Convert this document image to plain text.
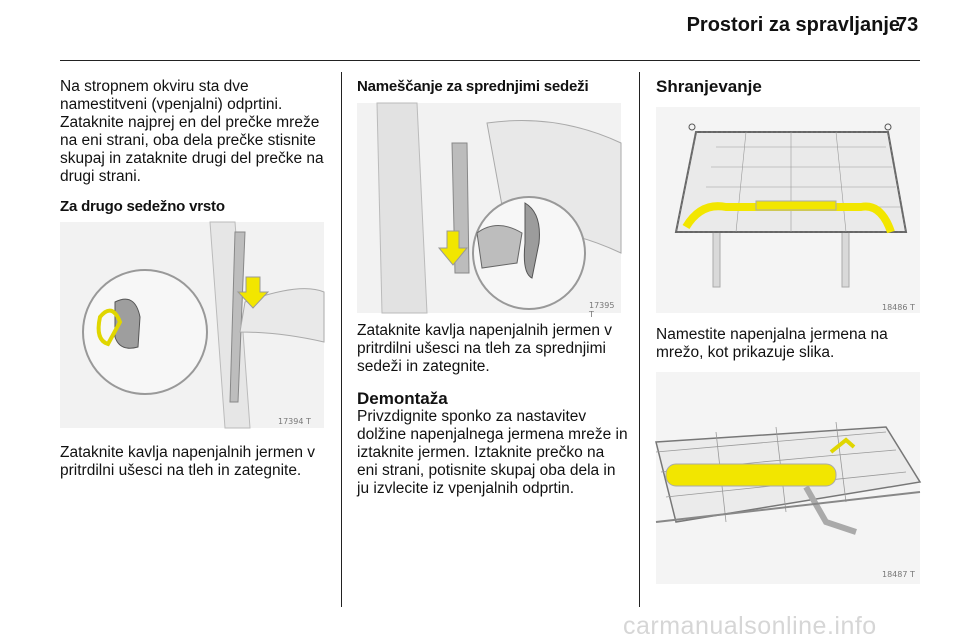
Prostori za spravljanje
73

Na stropnem okviru sta dve namestitveni (vpenjalni) odprtini. Zataknite najprej en del prečke mreže na eni strani, oba dela prečke stisnite skupaj in zataknite drugi del prečke na drugi strani.

Za drugo sedežno vrsto

17394 T

Zataknite kavlja napenjalnih jermen v pritrdilni ušesci na tleh in zategnite.

Nameščanje za sprednjimi sedeži

17395 T

Zataknite kavlja napenjalnih jermen v pritrdilni ušesci na tleh za sprednjimi sedeži in zategnite.

Demontaža

Privzdignite sponko za nastavitev dolžine napenjalnega jermena mreže in iztaknite jermen. Iztaknite prečko na eni strani, potisnite skupaj oba dela in ju izvlecite iz vpenjalnih odprtin.

Shranjevanje

18486 T

Namestite napenjalna jermena na mrežo, kot prikazuje slika.

18487 T
carmanualsonline.info
